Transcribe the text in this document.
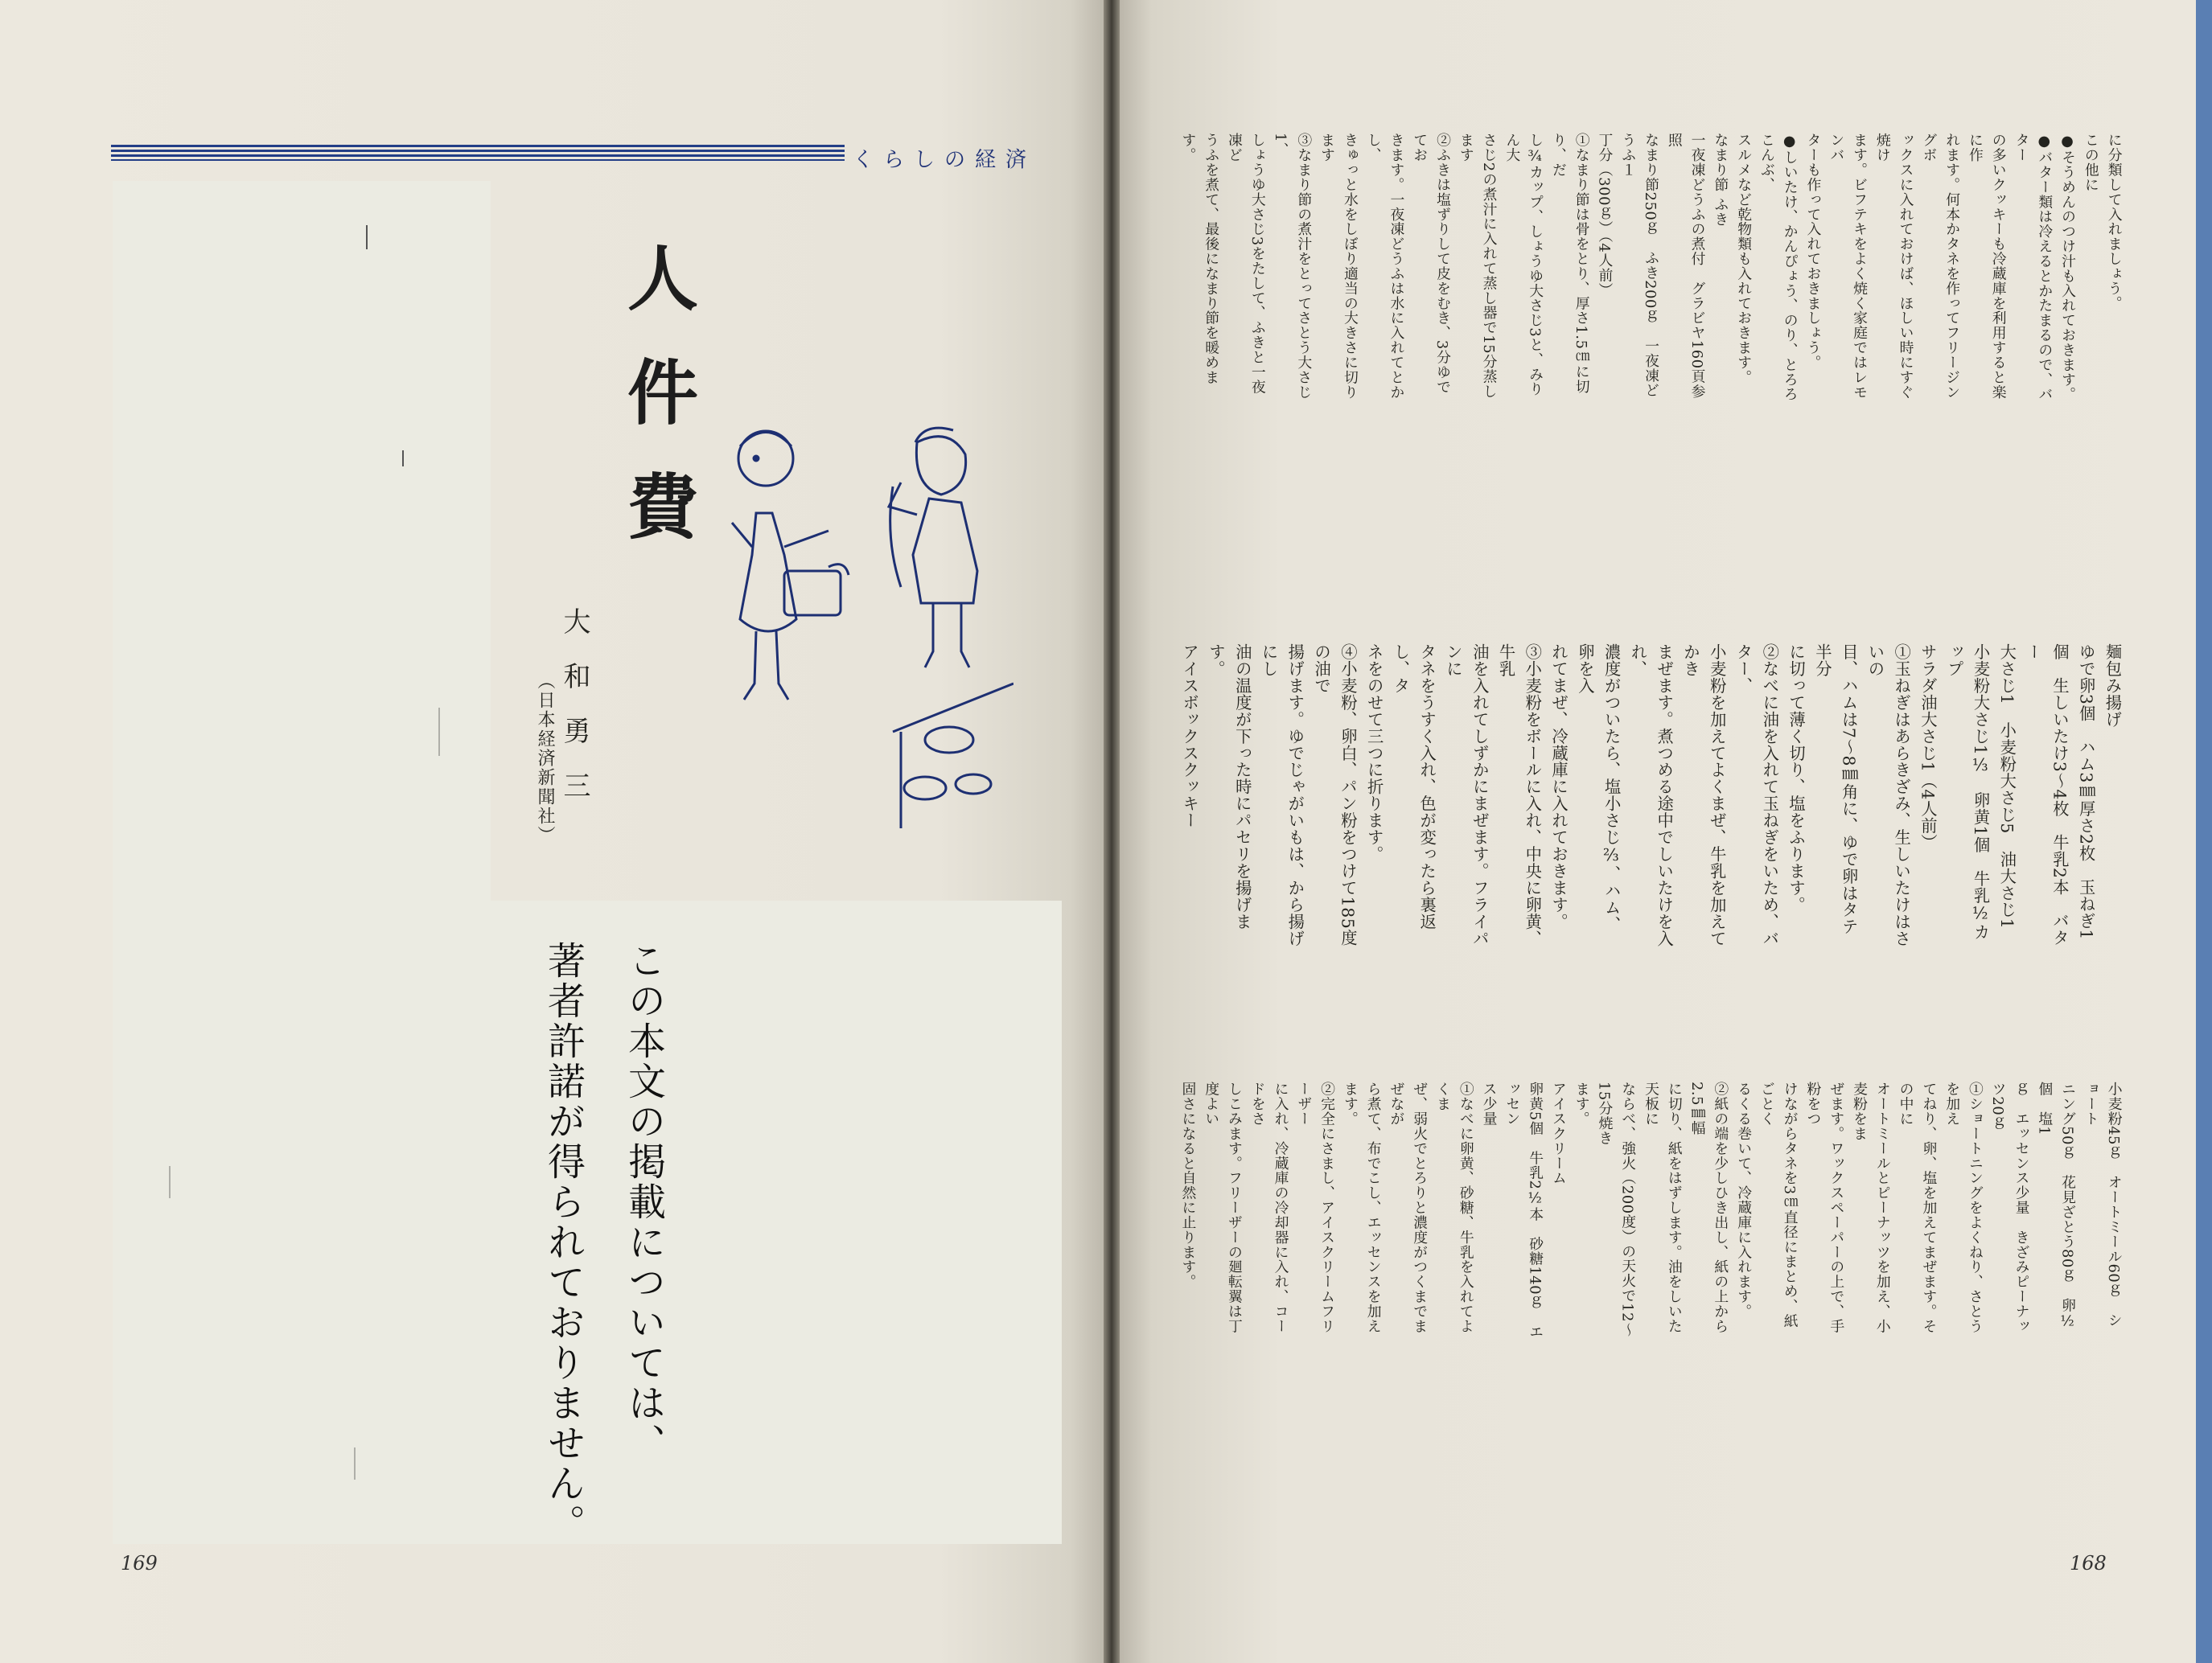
くらしの経済
人件費
大和勇三
（日本経済新聞社）
この本文の掲載については、
著者許諾が得られておりません。
169
に分類して入れましょう。
この他に
●そうめんのつけ汁も入れておきます。
●バター類は冷えるとかたまるので、バター
の多いクッキーも冷蔵庫を利用すると楽に作
れます。何本かタネを作ってフリージングボ
ックスに入れておけば、ほしい時にすぐ焼け
ます。ビフテキをよく焼く家庭ではレモンバ
ターも作って入れておきましょう。
●しいたけ、かんぴょう、のり、とろろこんぶ、
スルメなど乾物類も入れておきます。
なまり節 ふき
一夜凍どうふの煮付　グラビヤ160頁参照
なまり節250ｇ　ふき200ｇ　一夜凍どうふ１
丁分（300ｇ）（4人前）
①なまり節は骨をとり、厚さ1.5㎝に切り、だ
し¾カップ、しょうゆ大さじ3と、みりん大
さじ2の煮汁に入れて蒸し器で15分蒸します
②ふきは塩ずりして皮をむき、3分ゆでてお
きます。一夜凍どうふは水に入れてとかし、
きゅっと水をしぼり適当の大きさに切ります
③なまり節の煮汁をとってさとう大さじ1、
しょうゆ大さじ3をたして、ふきと一夜凍ど
うふを煮て、最後になまり節を暖めます。
麺包み揚げ
ゆで卵3個　ハム3㎜厚さ2枚　玉ねぎ1
個　生しいたけ3〜4枚　牛乳2本　バター
大さじ1　小麦粉大さじ5　油大さじ1
小麦粉大さじ1⅓　卵黄1個　牛乳½カップ
サラダ油大さじ1（4人前）
①玉ねぎはあらきざみ、生しいたけはさいの
目、ハムは7〜8㎜角に、ゆで卵はタテ半分
に切って薄く切り、塩をふります。
②なべに油を入れて玉ねぎをいため、バター、
小麦粉を加えてよくまぜ、牛乳を加えてかき
まぜます。煮つめる途中でしいたけを入れ、
濃度がついたら、塩小さじ⅔、ハム、卵を入
れてまぜ、冷蔵庫に入れておきます。
③小麦粉をボールに入れ、中央に卵黄、牛乳
油を入れてしずかにまぜます。フライパンに
タネをうすく入れ、色が変ったら裏返し、タ
ネをのせて三つに折ります。
④小麦粉、卵白、パン粉をつけて185度の油で
揚げます。ゆでじゃがいもは、から揚げにし
油の温度が下った時にパセリを揚げます。
アイスボックスクッキー
小麦粉45ｇ　オートミール60ｇ　ショート
ニング50ｇ　花見ざとう80ｇ　卵½個　塩1
ｇ　エッセンス少量　きざみピーナッツ20ｇ
①ショートニングをよくねり、さとうを加え
てねり、卵、塩を加えてまぜます。その中に
オートミールとピーナッツを加え、小麦粉をま
ぜます。ワックスペーパーの上で、手粉をつ
けながらタネを3㎝直径にまとめ、紙ごとく
るくる巻いて、冷蔵庫に入れます。
②紙の端を少しひき出し、紙の上から2.5㎜幅
に切り、紙をはずします。油をしいた天板に
ならべ、強火（200度）の天火で12〜15分焼き
ます。
アイスクリーム
卵黄5個　牛乳2½本　砂糖140ｇ　エッセン
ス少量
①なべに卵黄、砂糖、牛乳を入れてよくま
ぜ、弱火でとろりと濃度がつくまでまぜなが
ら煮て、布でこし、エッセンスを加えます。
②完全にさまし、アイスクリームフリーザー
に入れ、冷蔵庫の冷却器に入れ、コードをさ
しこみます。フリーザーの廻転翼は丁度よい
固さになると自然に止ります。
168
